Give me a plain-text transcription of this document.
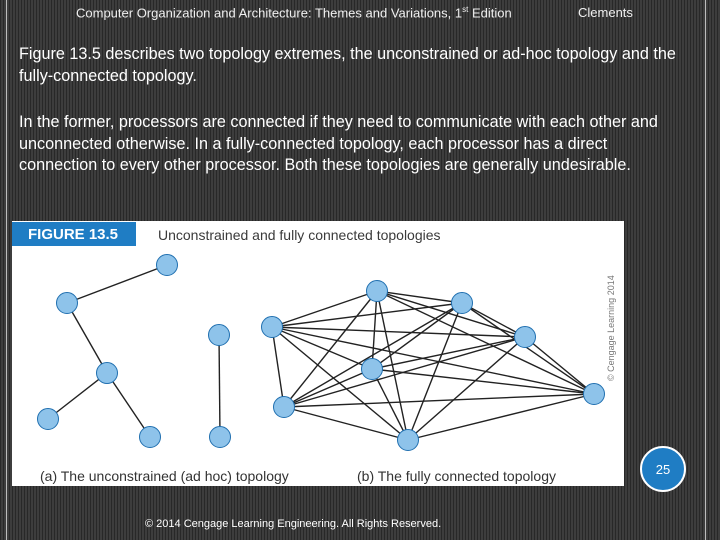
Computer Organization and Architecture: Themes and Variations, 1st Edition	Clements

Figure 13.5 describes two topology extremes, the unconstrained or ad-hoc topology and the fully-connected topology.

In the former, processors are connected if they need to communicate with each other and unconnected otherwise. In a fully-connected topology, each processor has a direct connection to every other processor. Both these topologies are generally undesirable.

FIGURE 13.5	Unconstrained and fully connected topologies
© Cengage Learning 2014
(a) The unconstrained (ad hoc) topology	(b) The fully connected topology	25
© 2014 Cengage Learning Engineering. All Rights Reserved.
